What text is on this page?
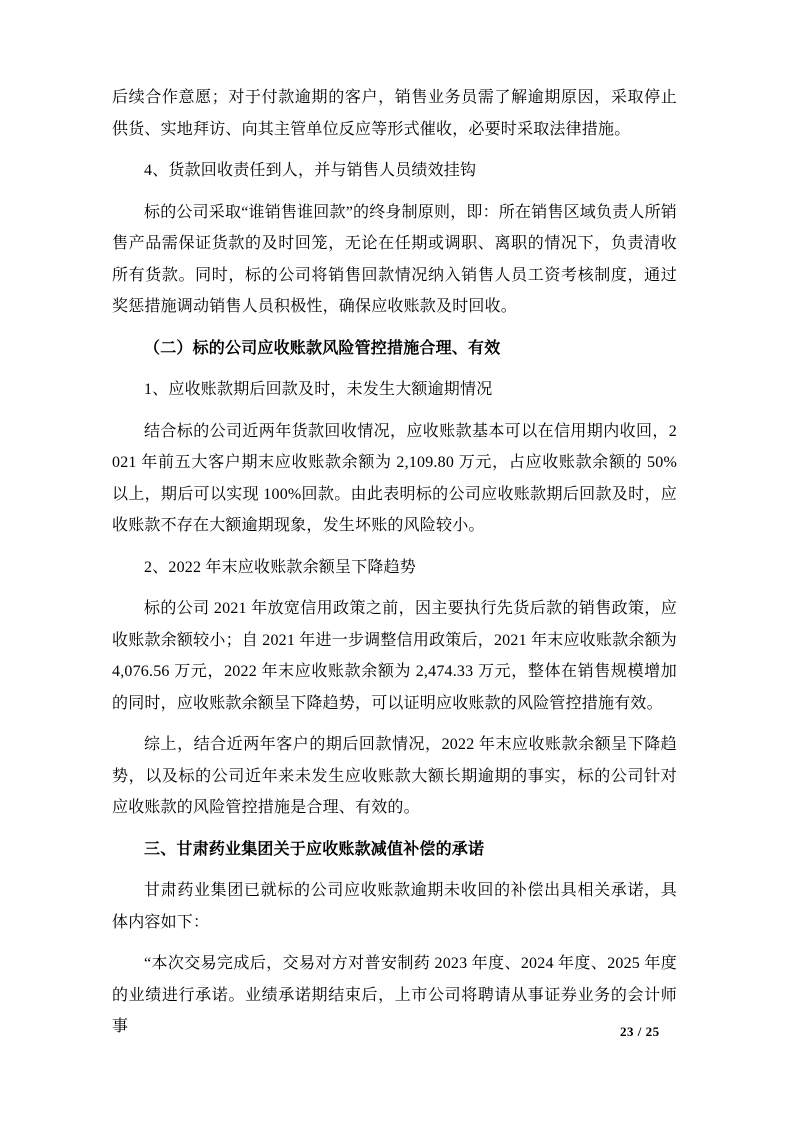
后续合作意愿；对于付款逾期的客户，销售业务员需了解逾期原因，采取停止供货、实地拜访、向其主管单位反应等形式催收，必要时采取法律措施。

4、货款回收责任到人，并与销售人员绩效挂钩

标的公司采取“谁销售谁回款”的终身制原则，即：所在销售区域负责人所销售产品需保证货款的及时回笼，无论在任期或调职、离职的情况下，负责清收所有货款。同时，标的公司将销售回款情况纳入销售人员工资考核制度，通过奖惩措施调动销售人员积极性，确保应收账款及时回收。

（二）标的公司应收账款风险管控措施合理、有效

1、应收账款期后回款及时，未发生大额逾期情况

结合标的公司近两年货款回收情况，应收账款基本可以在信用期内收回，2021 年前五大客户期末应收账款余额为 2,109.80 万元，占应收账款余额的 50%以上，期后可以实现 100%回款。由此表明标的公司应收账款期后回款及时，应收账款不存在大额逾期现象，发生坏账的风险较小。

2、2022 年末应收账款余额呈下降趋势

标的公司 2021 年放宽信用政策之前，因主要执行先货后款的销售政策，应收账款余额较小；自 2021 年进一步调整信用政策后，2021 年末应收账款余额为 4,076.56 万元，2022 年末应收账款余额为 2,474.33 万元，整体在销售规模增加的同时，应收账款余额呈下降趋势，可以证明应收账款的风险管控措施有效。

综上，结合近两年客户的期后回款情况，2022 年末应收账款余额呈下降趋势，以及标的公司近年来未发生应收账款大额长期逾期的事实，标的公司针对应收账款的风险管控措施是合理、有效的。

三、甘肃药业集团关于应收账款减值补偿的承诺

甘肃药业集团已就标的公司应收账款逾期未收回的补偿出具相关承诺，具体内容如下：

“本次交易完成后，交易对方对普安制药 2023 年度、2024 年度、2025 年度的业绩进行承诺。业绩承诺期结束后，上市公司将聘请从事证券业务的会计师事	23 / 25
